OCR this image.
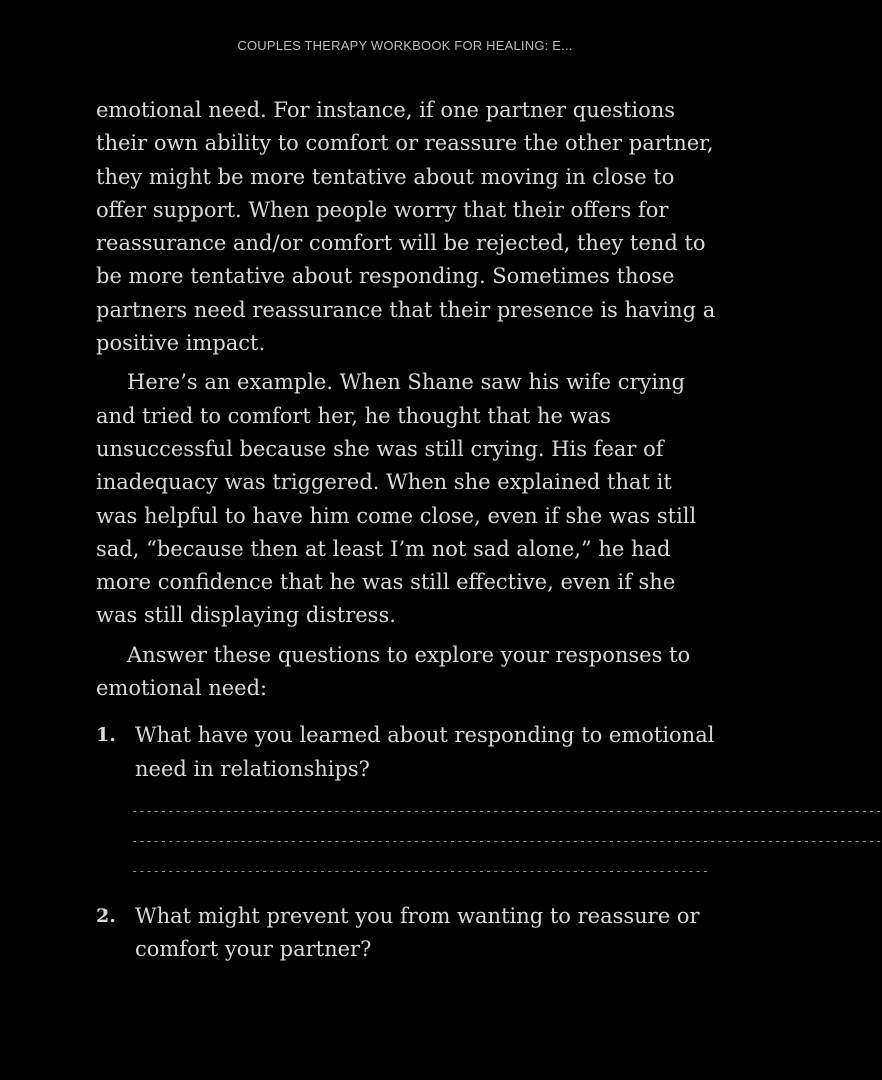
COUPLES THERAPY WORKBOOK FOR HEALING: E...

emotional need. For instance, if one partner questions their own ability to comfort or reassure the other partner, they might be more tentative about moving in close to offer support. When people worry that their offers for reassurance and/or comfort will be rejected, they tend to be more tentative about responding. Sometimes those partners need reassurance that their presence is having a positive impact.

Here’s an example. When Shane saw his wife crying and tried to comfort her, he thought that he was unsuccessful because she was still crying. His fear of inadequacy was triggered. When she explained that it was helpful to have him come close, even if she was still sad, “because then at least I’m not sad alone,” he had more confidence that he was still effective, even if she was still displaying distress.

Answer these questions to explore your responses to emotional need:

1. What have you learned about responding to emotional need in relationships?
--------------------------------------------------------------------------------------------------------
--------------------------------------------------------------------------------------------------------
--------------------------------------------------------------------------------
2. What might prevent you from wanting to reassure or comfort your partner?
